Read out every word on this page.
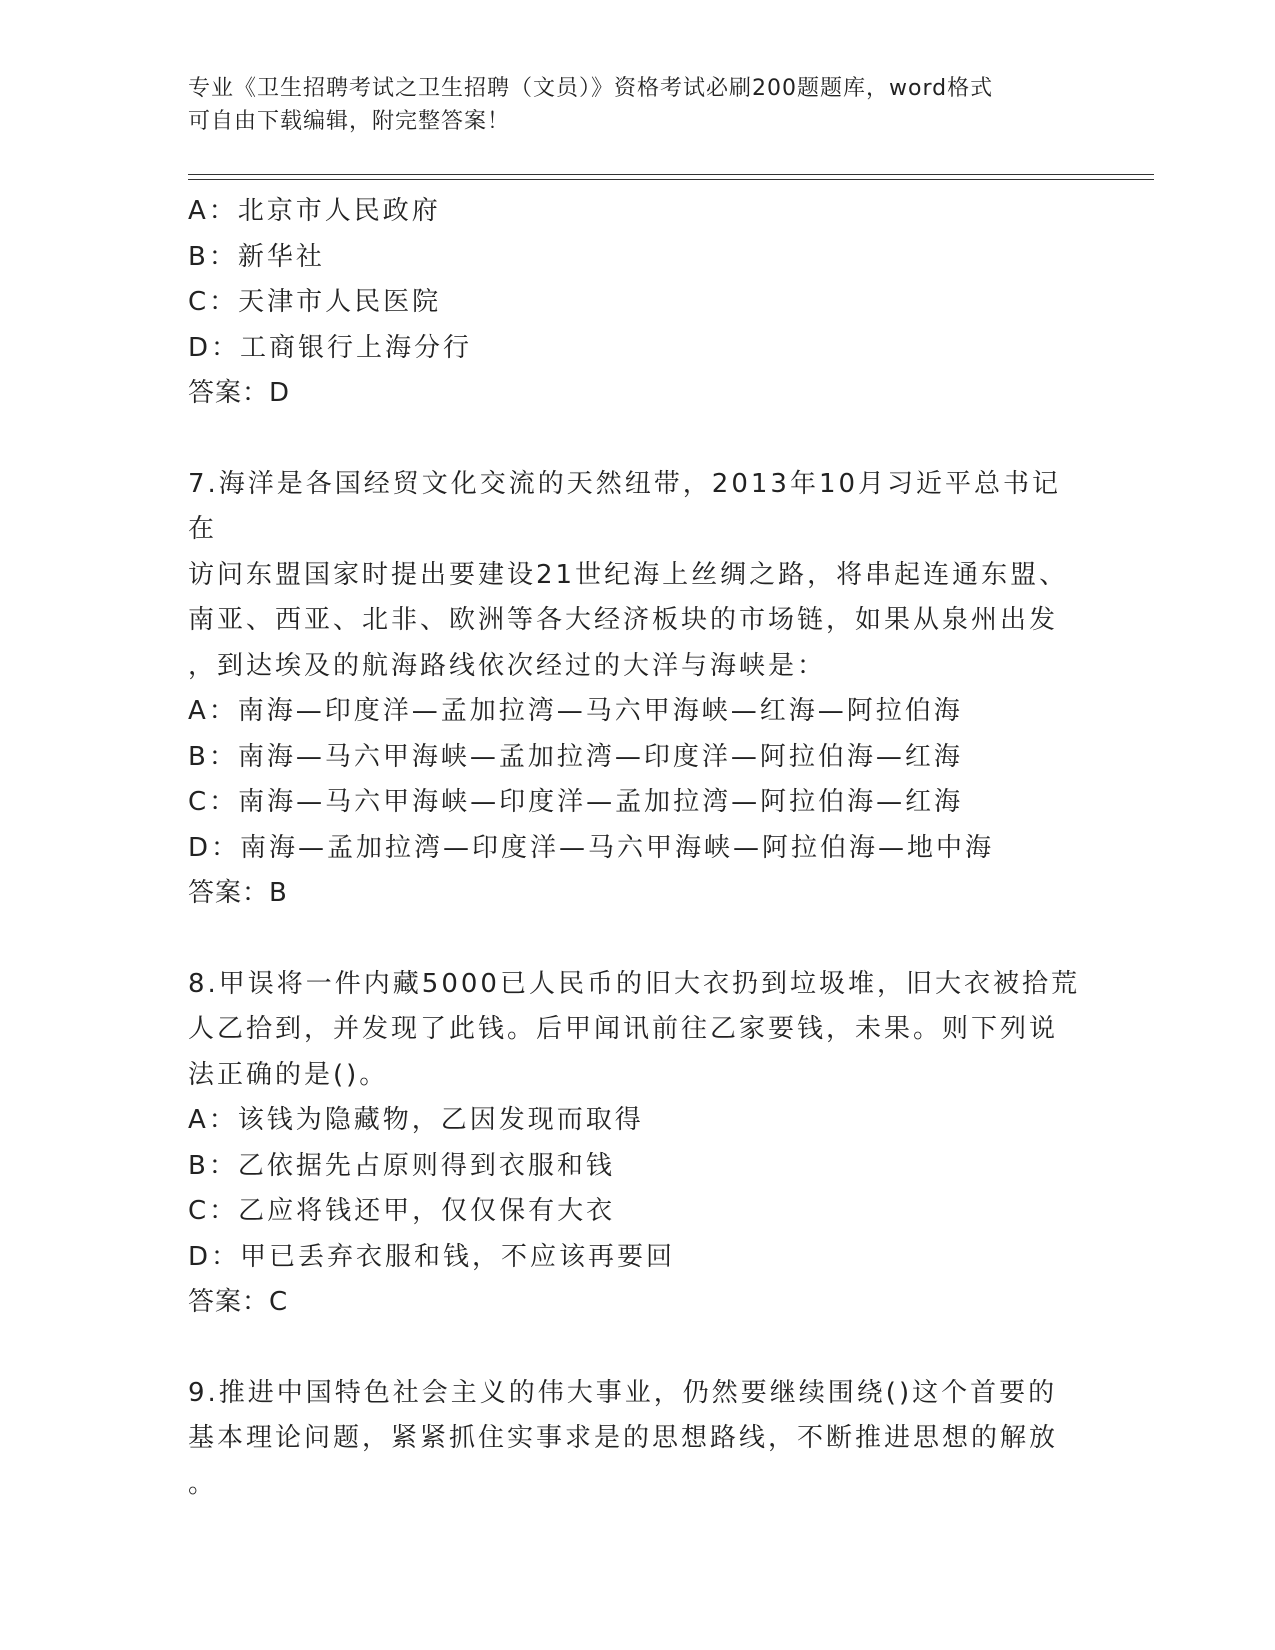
专业《卫生招聘考试之卫生招聘（文员）》资格考试必刷200题题库，word格式
可自由下载编辑，附完整答案！
A：北京市人民政府
B：新华社
C：天津市人民医院
D：工商银行上海分行
答案：D
7.海洋是各国经贸文化交流的天然纽带，2013年10月习近平总书记在
访问东盟国家时提出要建设21世纪海上丝绸之路，将串起连通东盟、
南亚、西亚、北非、欧洲等各大经济板块的市场链，如果从泉州出发
，到达埃及的航海路线依次经过的大洋与海峡是：
A：南海—印度洋—孟加拉湾—马六甲海峡—红海—阿拉伯海
B：南海—马六甲海峡—孟加拉湾—印度洋—阿拉伯海—红海
C：南海—马六甲海峡—印度洋—孟加拉湾—阿拉伯海—红海
D：南海—孟加拉湾—印度洋—马六甲海峡—阿拉伯海—地中海
答案：B
8.甲误将一件内藏5000已人民币的旧大衣扔到垃圾堆，旧大衣被拾荒
人乙拾到，并发现了此钱。后甲闻讯前往乙家要钱，未果。则下列说
法正确的是()。
A：该钱为隐藏物，乙因发现而取得
B：乙依据先占原则得到衣服和钱
C：乙应将钱还甲，仅仅保有大衣
D：甲已丢弃衣服和钱，不应该再要回
答案：C
9.推进中国特色社会主义的伟大事业，仍然要继续围绕()这个首要的
基本理论问题，紧紧抓住实事求是的思想路线，不断推进思想的解放
。
